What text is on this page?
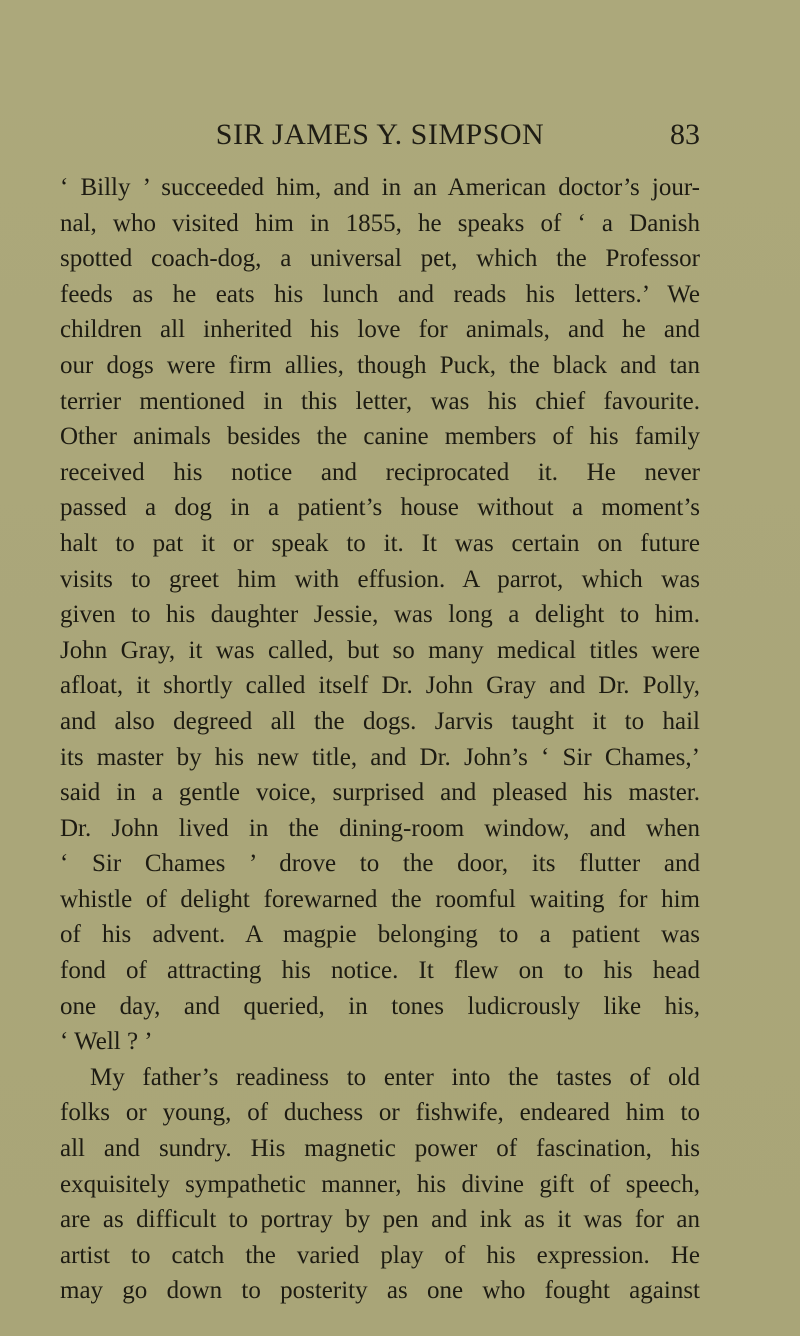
SIR JAMES Y. SIMPSON	83
‘ Billy ’ succeeded him, and in an American doctor’s jour-
nal, who visited him in 1855, he speaks of ‘ a Danish
spotted coach-dog, a universal pet, which the Professor
feeds as he eats his lunch and reads his letters.’ We
children all inherited his love for animals, and he and
our dogs were firm allies, though Puck, the black and tan
terrier mentioned in this letter, was his chief favourite.
Other animals besides the canine members of his family
received his notice and reciprocated it. He never
passed a dog in a patient’s house without a moment’s
halt to pat it or speak to it. It was certain on future
visits to greet him with effusion. A parrot, which was
given to his daughter Jessie, was long a delight to him.
John Gray, it was called, but so many medical titles were
afloat, it shortly called itself Dr. John Gray and Dr. Polly,
and also degreed all the dogs. Jarvis taught it to hail
its master by his new title, and Dr. John’s ‘ Sir Chames,’
said in a gentle voice, surprised and pleased his master.
Dr. John lived in the dining-room window, and when
‘ Sir Chames ’ drove to the door, its flutter and
whistle of delight forewarned the roomful waiting for him
of his advent. A magpie belonging to a patient was
fond of attracting his notice. It flew on to his head
one day, and queried, in tones ludicrously like his,
‘ Well ? ’
My father’s readiness to enter into the tastes of old
folks or young, of duchess or fishwife, endeared him to
all and sundry. His magnetic power of fascination, his
exquisitely sympathetic manner, his divine gift of speech,
are as difficult to portray by pen and ink as it was for an
artist to catch the varied play of his expression. He
may go down to posterity as one who fought against
